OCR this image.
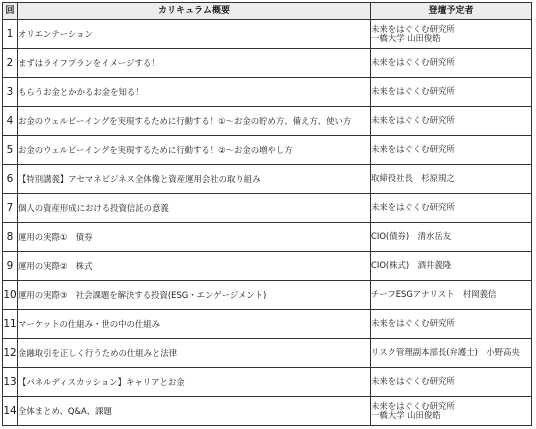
回	カリキュラム概要	登壇予定者
1	オリエンテーション	未来をはぐくむ研究所
一橋大学 山田俊皓

2	まずはライフプランをイメージする！	未来をはぐくむ研究所

3	もらうお金とかかるお金を知る！	未来をはぐくむ研究所

4	お金のウェルビーイングを実現するために行動する！①～お金の貯め方、備え方、使い方	未来をはぐくむ研究所

5	お金のウェルビーイングを実現するために行動する！②～お金の増やし方	未来をはぐくむ研究所

6	【特別講義】アセマネビジネス全体像と資産運用会社の取り組み	取締役社長　杉原規之

7	個人の資産形成における投資信託の意義	未来をはぐくむ研究所

8	運用の実際①　債券	CIO(債券)　清水岳友

9	運用の実際②　株式	CIO(株式)　酒井義隆

10	運用の実際③　社会課題を解決する投資(ESG・エンゲージメント)	チーフESGアナリスト　村岡義信

11	マーケットの仕組み・世の中の仕組み	未来をはぐくむ研究所

12	金融取引を正しく行うための仕組みと法律	リスク管理副本部長(弁護士)　小野高央

13	【パネルディスカッション】キャリアとお金	未来をはぐくむ研究所

14	全体まとめ、Q&A、課題	未来をはぐくむ研究所
一橋大学 山田俊皓
